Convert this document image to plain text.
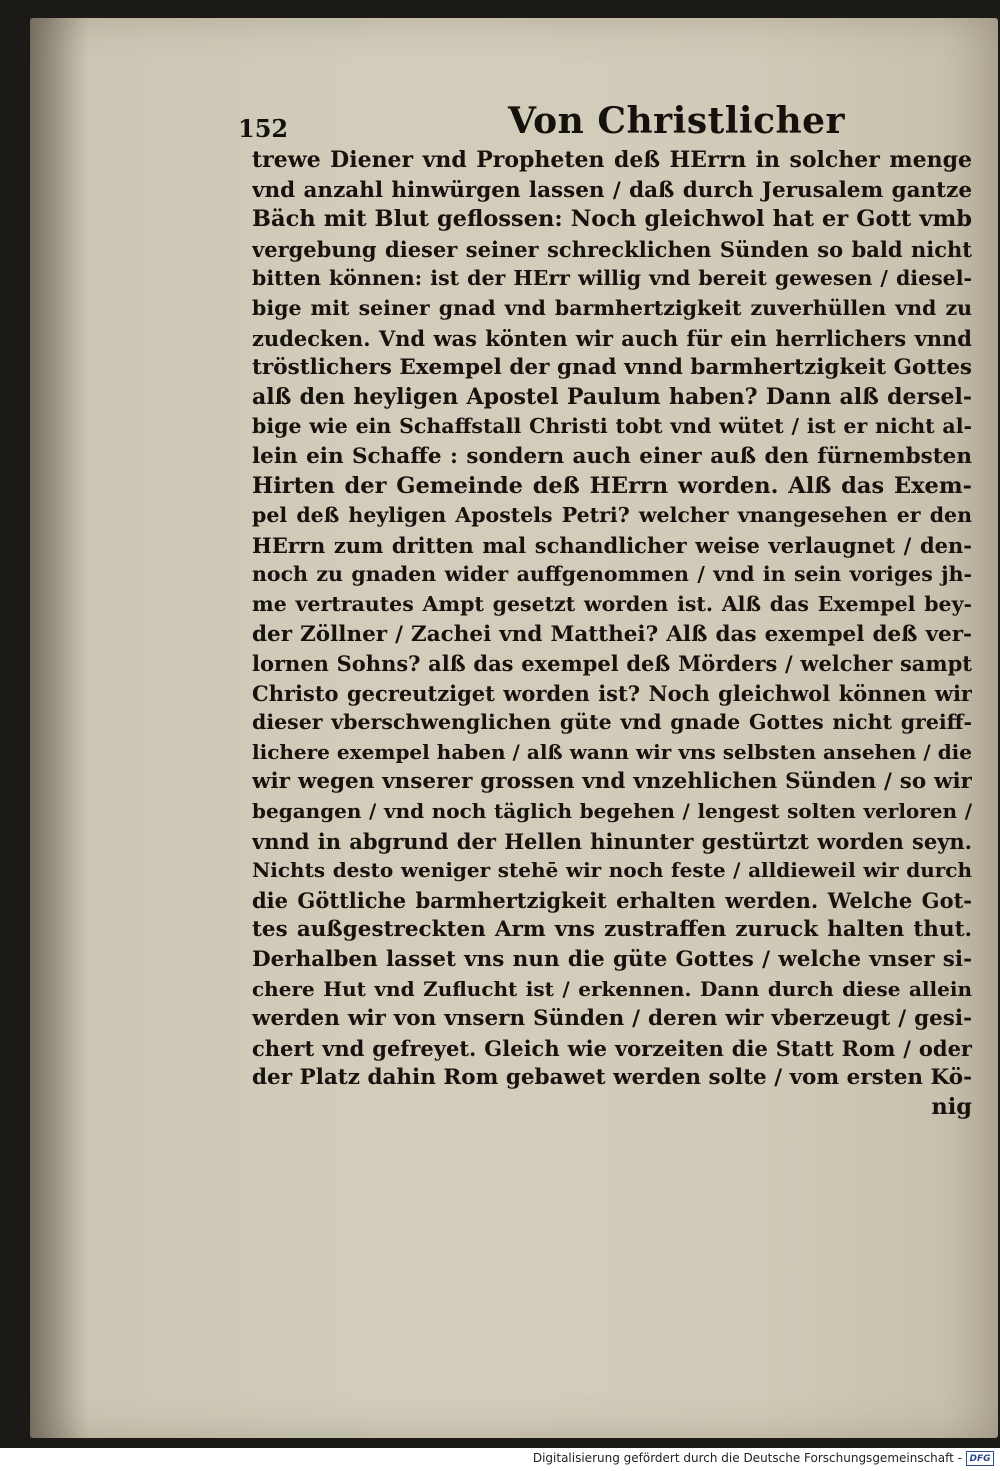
152	Von Christlicher
trewe Diener vnd Propheten deß HErrn in solcher menge
vnd anzahl hinwürgen lassen / daß durch Jerusalem gantze
Bäch mit Blut geflossen: Noch gleichwol hat er Gott vmb
vergebung dieser seiner schrecklichen Sünden so bald nicht
bitten können: ist der HErr willig vnd bereit gewesen / diesel-
bige mit seiner gnad vnd barmhertzigkeit zuverhüllen vnd zu
zudecken. Vnd was könten wir auch für ein herrlichers vnnd
tröstlichers Exempel der gnad vnnd barmhertzigkeit Gottes
alß den heyligen Apostel Paulum haben? Dann alß dersel-
bige wie ein Schaffstall Christi tobt vnd wütet / ist er nicht al-
lein ein Schaffe : sondern auch einer auß den fürnembsten
Hirten der Gemeinde deß HErrn worden. Alß das Exem-
pel deß heyligen Apostels Petri? welcher vnangesehen er den
HErrn zum dritten mal schandlicher weise verlaugnet / den-
noch zu gnaden wider auffgenommen / vnd in sein voriges jh-
me vertrautes Ampt gesetzt worden ist. Alß das Exempel bey-
der Zöllner / Zachei vnd Matthei? Alß das exempel deß ver-
lornen Sohns? alß das exempel deß Mörders / welcher sampt
Christo gecreutziget worden ist? Noch gleichwol können wir
dieser vberschwenglichen güte vnd gnade Gottes nicht greiff-
lichere exempel haben / alß wann wir vns selbsten ansehen / die
wir wegen vnserer grossen vnd vnzehlichen Sünden / so wir
begangen / vnd noch täglich begehen / lengest solten verloren /
vnnd in abgrund der Hellen hinunter gestürtzt worden seyn.
Nichts desto weniger stehē wir noch feste / alldieweil wir durch
die Göttliche barmhertzigkeit erhalten werden. Welche Got-
tes außgestreckten Arm vns zustraffen zuruck halten thut.
Derhalben lasset vns nun die güte Gottes / welche vnser si-
chere Hut vnd Zuflucht ist / erkennen. Dann durch diese allein
werden wir von vnsern Sünden / deren wir vberzeugt / gesi-
chert vnd gefreyet. Gleich wie vorzeiten die Statt Rom / oder
der Platz dahin Rom gebawet werden solte / vom ersten Kö-
nig
Digitalisierung gefördert durch die Deutsche Forschungsgemeinschaft - DFG
